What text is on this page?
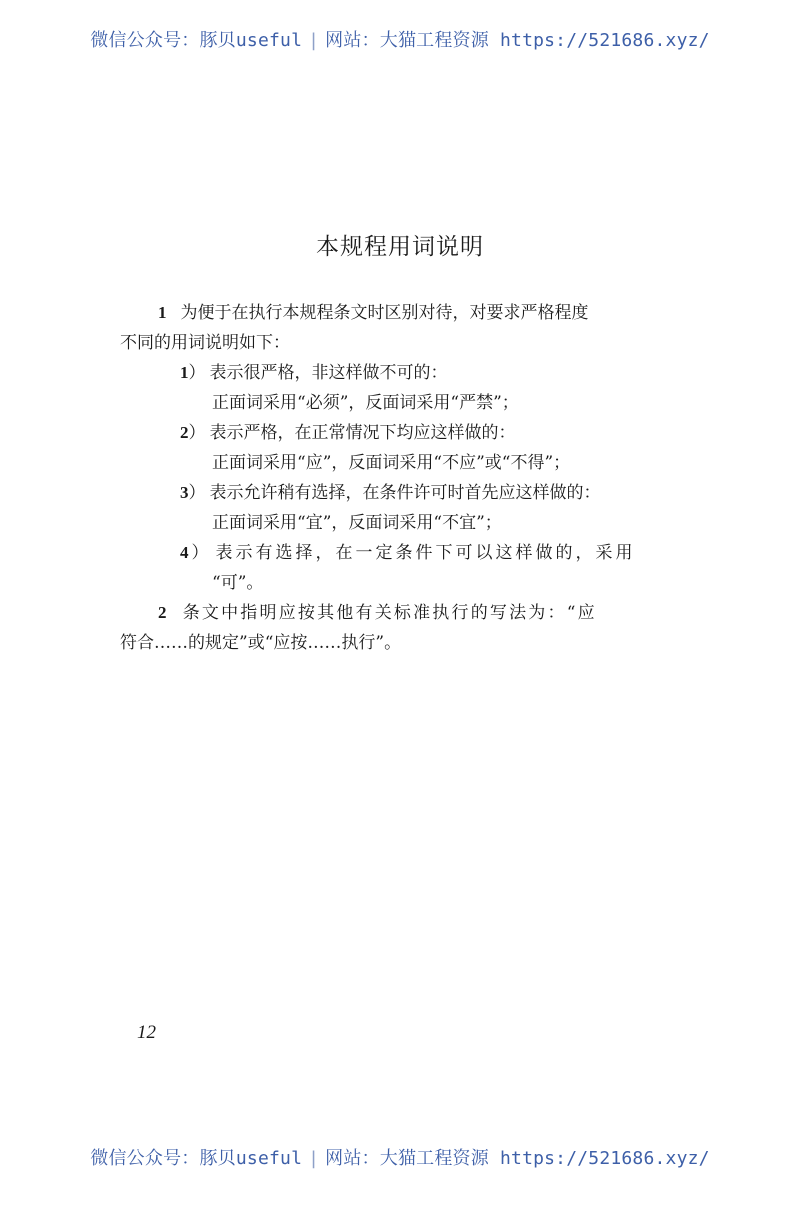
微信公众号：豚贝useful | 网站：大猫工程资源 https://521686.xyz/
本规程用词说明

1 为便于在执行本规程条文时区别对待，对要求严格程度

不同的用词说明如下：

1） 表示很严格，非这样做不可的：

正面词采用“必须”，反面词采用“严禁”；

2） 表示严格，在正常情况下均应这样做的：

正面词采用“应”，反面词采用“不应”或“不得”；

3） 表示允许稍有选择，在条件许可时首先应这样做的：

正面词采用“宜”，反面词采用“不宜”；

4） 表示有选择，在一定条件下可以这样做的，采用

“可”。

2 条文中指明应按其他有关标准执行的写法为：“应

符合……的规定”或“应按……执行”。

12
微信公众号：豚贝useful | 网站：大猫工程资源 https://521686.xyz/
